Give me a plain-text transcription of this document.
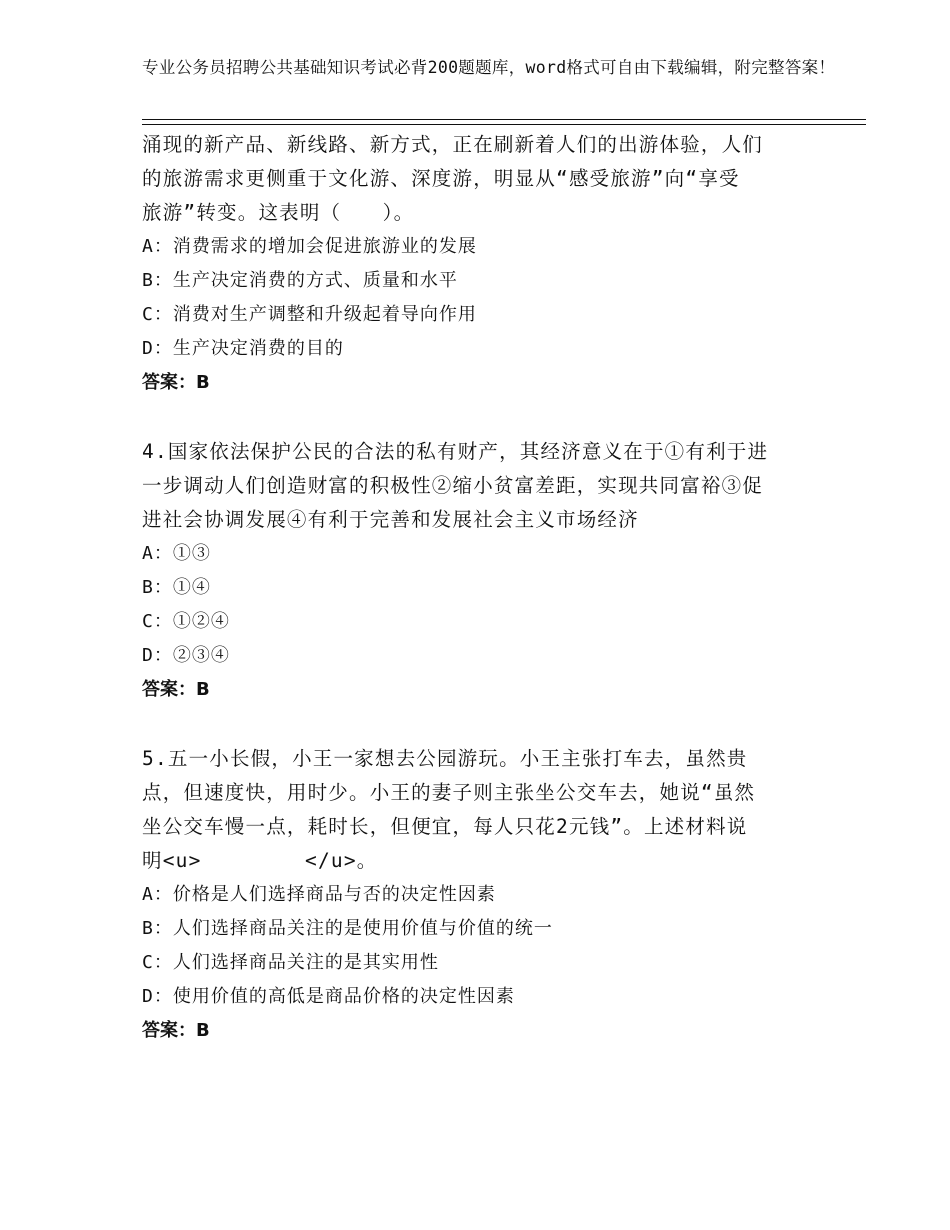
专业公务员招聘公共基础知识考试必背200题题库，word格式可自由下载编辑，附完整答案！

涌现的新产品、新线路、新方式，正在刷新着人们的出游体验，人们

的旅游需求更侧重于文化游、深度游，明显从“感受旅游”向“享受

旅游”转变。这表明（　　）。

A：消费需求的增加会促进旅游业的发展

B：生产决定消费的方式、质量和水平

C：消费对生产调整和升级起着导向作用

D：生产决定消费的目的

答案：B

4.国家依法保护公民的合法的私有财产，其经济意义在于①有利于进

一步调动人们创造财富的积极性②缩小贫富差距，实现共同富裕③促

进社会协调发展④有利于完善和发展社会主义市场经济

A：①③

B：①④

C：①②④

D：②③④

答案：B

5.五一小长假，小王一家想去公园游玩。小王主张打车去，虽然贵

点，但速度快，用时少。小王的妻子则主张坐公交车去，她说“虽然

坐公交车慢一点，耗时长，但便宜，每人只花2元钱”。上述材料说

明<u>　　　　　</u>。

A：价格是人们选择商品与否的决定性因素

B：人们选择商品关注的是使用价值与价值的统一

C：人们选择商品关注的是其实用性

D：使用价值的高低是商品价格的决定性因素

答案：B
